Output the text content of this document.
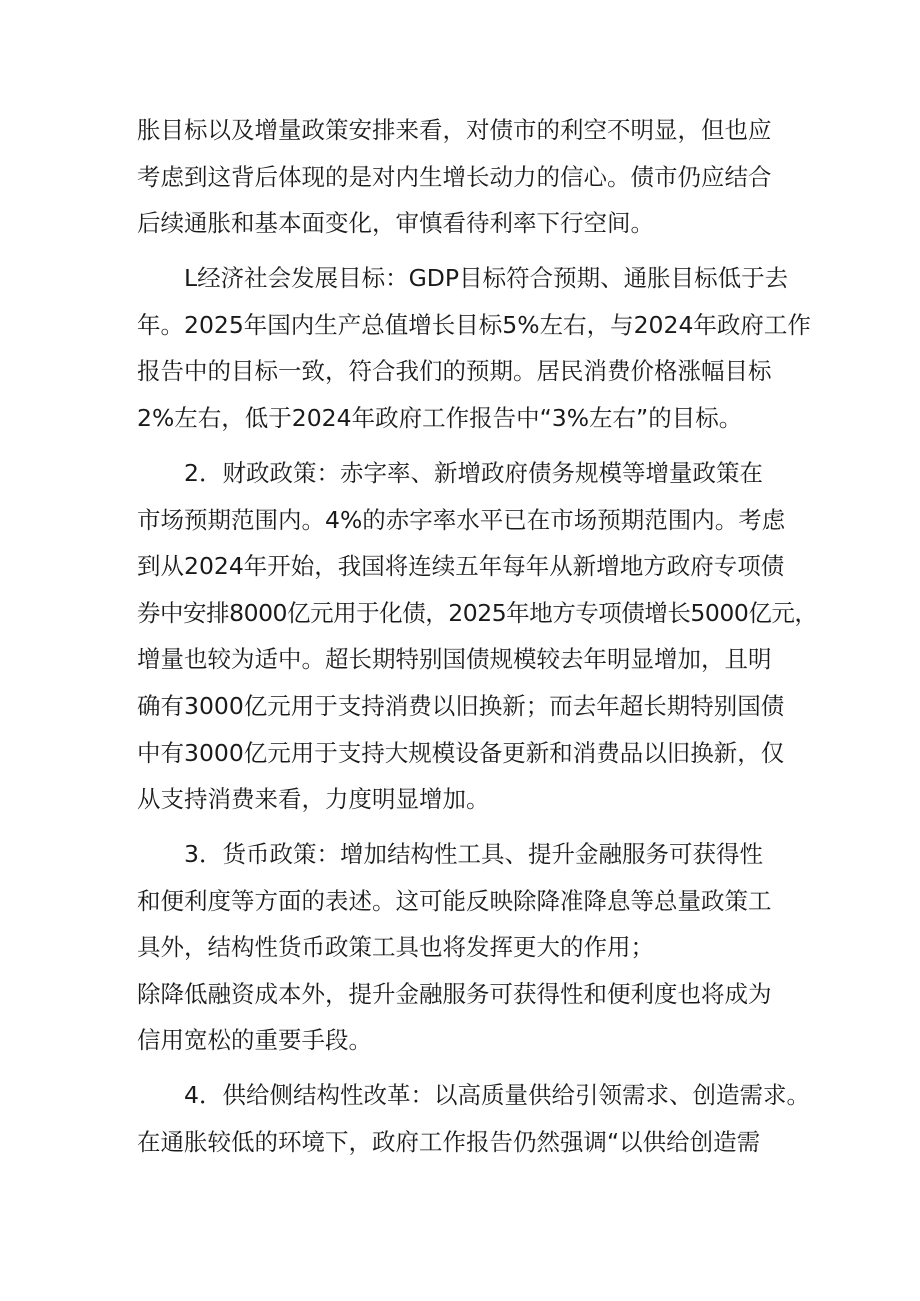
胀目标以及增量政策安排来看，对债市的利空不明显，但也应
考虑到这背后体现的是对内生增长动力的信心。债市仍应结合
后续通胀和基本面变化，审慎看待利率下行空间。
L经济社会发展目标：GDP目标符合预期、通胀目标低于去
年。2025年国内生产总值增长目标5%左右，与2024年政府工作
报告中的目标一致，符合我们的预期。居民消费价格涨幅目标
2%左右，低于2024年政府工作报告中“3%左右”的目标。
2．财政政策：赤字率、新增政府债务规模等增量政策在
市场预期范围内。4%的赤字率水平已在市场预期范围内。考虑
到从2024年开始，我国将连续五年每年从新增地方政府专项债
券中安排8000亿元用于化债，2025年地方专项债增长5000亿元，
增量也较为适中。超长期特别国债规模较去年明显增加，且明
确有3000亿元用于支持消费以旧换新；而去年超长期特别国债
中有3000亿元用于支持大规模设备更新和消费品以旧换新，仅
从支持消费来看，力度明显增加。
3．货币政策：增加结构性工具、提升金融服务可获得性
和便利度等方面的表述。这可能反映除降准降息等总量政策工
具外，结构性货币政策工具也将发挥更大的作用；
除降低融资成本外，提升金融服务可获得性和便利度也将成为
信用宽松的重要手段。
4．供给侧结构性改革：以高质量供给引领需求、创造需求。
在通胀较低的环境下，政府工作报告仍然强调“以供给创造需
